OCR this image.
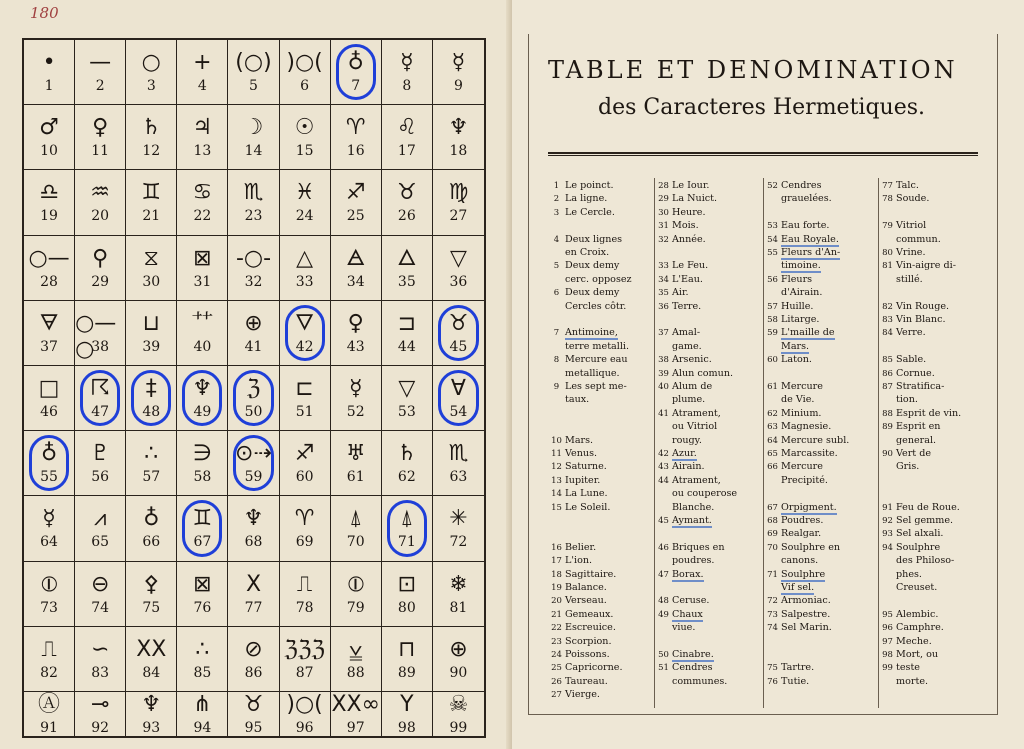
180
•
1
—
2
○
3
+
4
(○)
5
)○(
6
♁
7
☿
8
☿
9
♂
10
♀
11
♄
12
♃
13
☽
14
☉
15
♈
16
♌
17
♆
18
♎
19
♒
20
♊
21
♋
22
♏
23
♓
24
♐
25
♉
26
♍
27
○—
28
⚲
29
⧖
30
⊠
31
-○-
32
△
33
🜁
34
🜂
35
▽
36
🜃
37
○—○
38
⊔
39
⺿
40
⊕
41
🜄
42
♀
43
⊐
44
♉
45
□
46
☈
47
‡
48
♆
49
ℨ
50
⊏
51
☿
52
▽
53
∀
54
♁
55
♇
56
∴
57
∋
58
⊙⇢
59
♐
60
♅
61
♄
62
♏
63
☿
64
⩘
65
♁
66
♊
67
♆
68
♈
69
⍋
70
⍋
71
✳
72
⦶
73
⊖
74
⚴
75
⊠
76
X
77
⎍
78
⦶
79
⊡
80
❄
81
⎍
82
∽
83
XX
84
∴
85
⊘
86
ℨℨℨ
87
⩣
88
⊓
89
⊕
90
Ⓐ
91
⊸
92
♆
93
⋔
94
♉
95
)○(
96
XX∞
97
Y
98
☠
99
TABLE ET DENOMINATION
des Caracteres Hermetiques.
1 Le poinct.
2 La ligne.
3 Le Cercle.
4 Deux lignes
en Croix.
5 Deux demy
cerc. opposez
6 Deux demy
Cercles côtr.
7 Antimoine,
terre metalli.
8 Mercure eau
metallique.
9 Les sept me-
taux.
10 Mars.
11 Venus.
12 Saturne.
13 Iupiter.
14 La Lune.
15 Le Soleil.
16 Belier.
17 L'ion.
18 Sagittaire.
19 Balance.
20 Verseau.
21 Gemeaux.
22 Escreuice.
23 Scorpion.
24 Poissons.
25 Capricorne.
26 Taureau.
27 Vierge.
28 Le Iour.
29 La Nuict.
30 Heure.
31 Mois.
32 Année.
33 Le Feu.
34 L'Eau.
35 Air.
36 Terre.
37 Amal-
game.
38 Arsenic.
39 Alun comun.
40 Alum de
plume.
41 Atrament,
ou Vitriol
rougy.
42 Azur.
43 Airain.
44 Atrament,
ou couperose
Blanche.
45 Aymant.
46 Briques en
poudres.
47 Borax.
48 Ceruse.
49 Chaux
viue.
50 Cinabre.
51 Cendres
communes.
52 Cendres
grauelées.
53 Eau forte.
54 Eau Royale.
55 Fleurs d'An-
timoine.
56 Fleurs
d'Airain.
57 Huille.
58 Litarge.
59 L'maille de
Mars.
60 Laton.
61 Mercure
de Vie.
62 Minium.
63 Magnesie.
64 Mercure subl.
65 Marcassite.
66 Mercure
Precipité.
67 Orpigment.
68 Poudres.
69 Realgar.
70 Soulphre en
canons.
71 Soulphre
Vif sel.
72 Armoniac.
73 Salpestre.
74 Sel Marin.
75 Tartre.
76 Tutie.
77 Talc.
78 Soude.
79 Vitriol
commun.
80 Vrine.
81 Vin-aigre di-
stillé.
82 Vin Rouge.
83 Vin Blanc.
84 Verre.
85 Sable.
86 Cornue.
87 Stratifica-
tion.
88 Esprit de vin.
89 Esprit en
general.
90 Vert de
Gris.
91 Feu de Roue.
92 Sel gemme.
93 Sel alxali.
94 Soulphre
des Philoso-
phes.
Creuset.
95 Alembic.
96 Camphre.
97 Meche.
98 Mort, ou
99 teste
morte.
